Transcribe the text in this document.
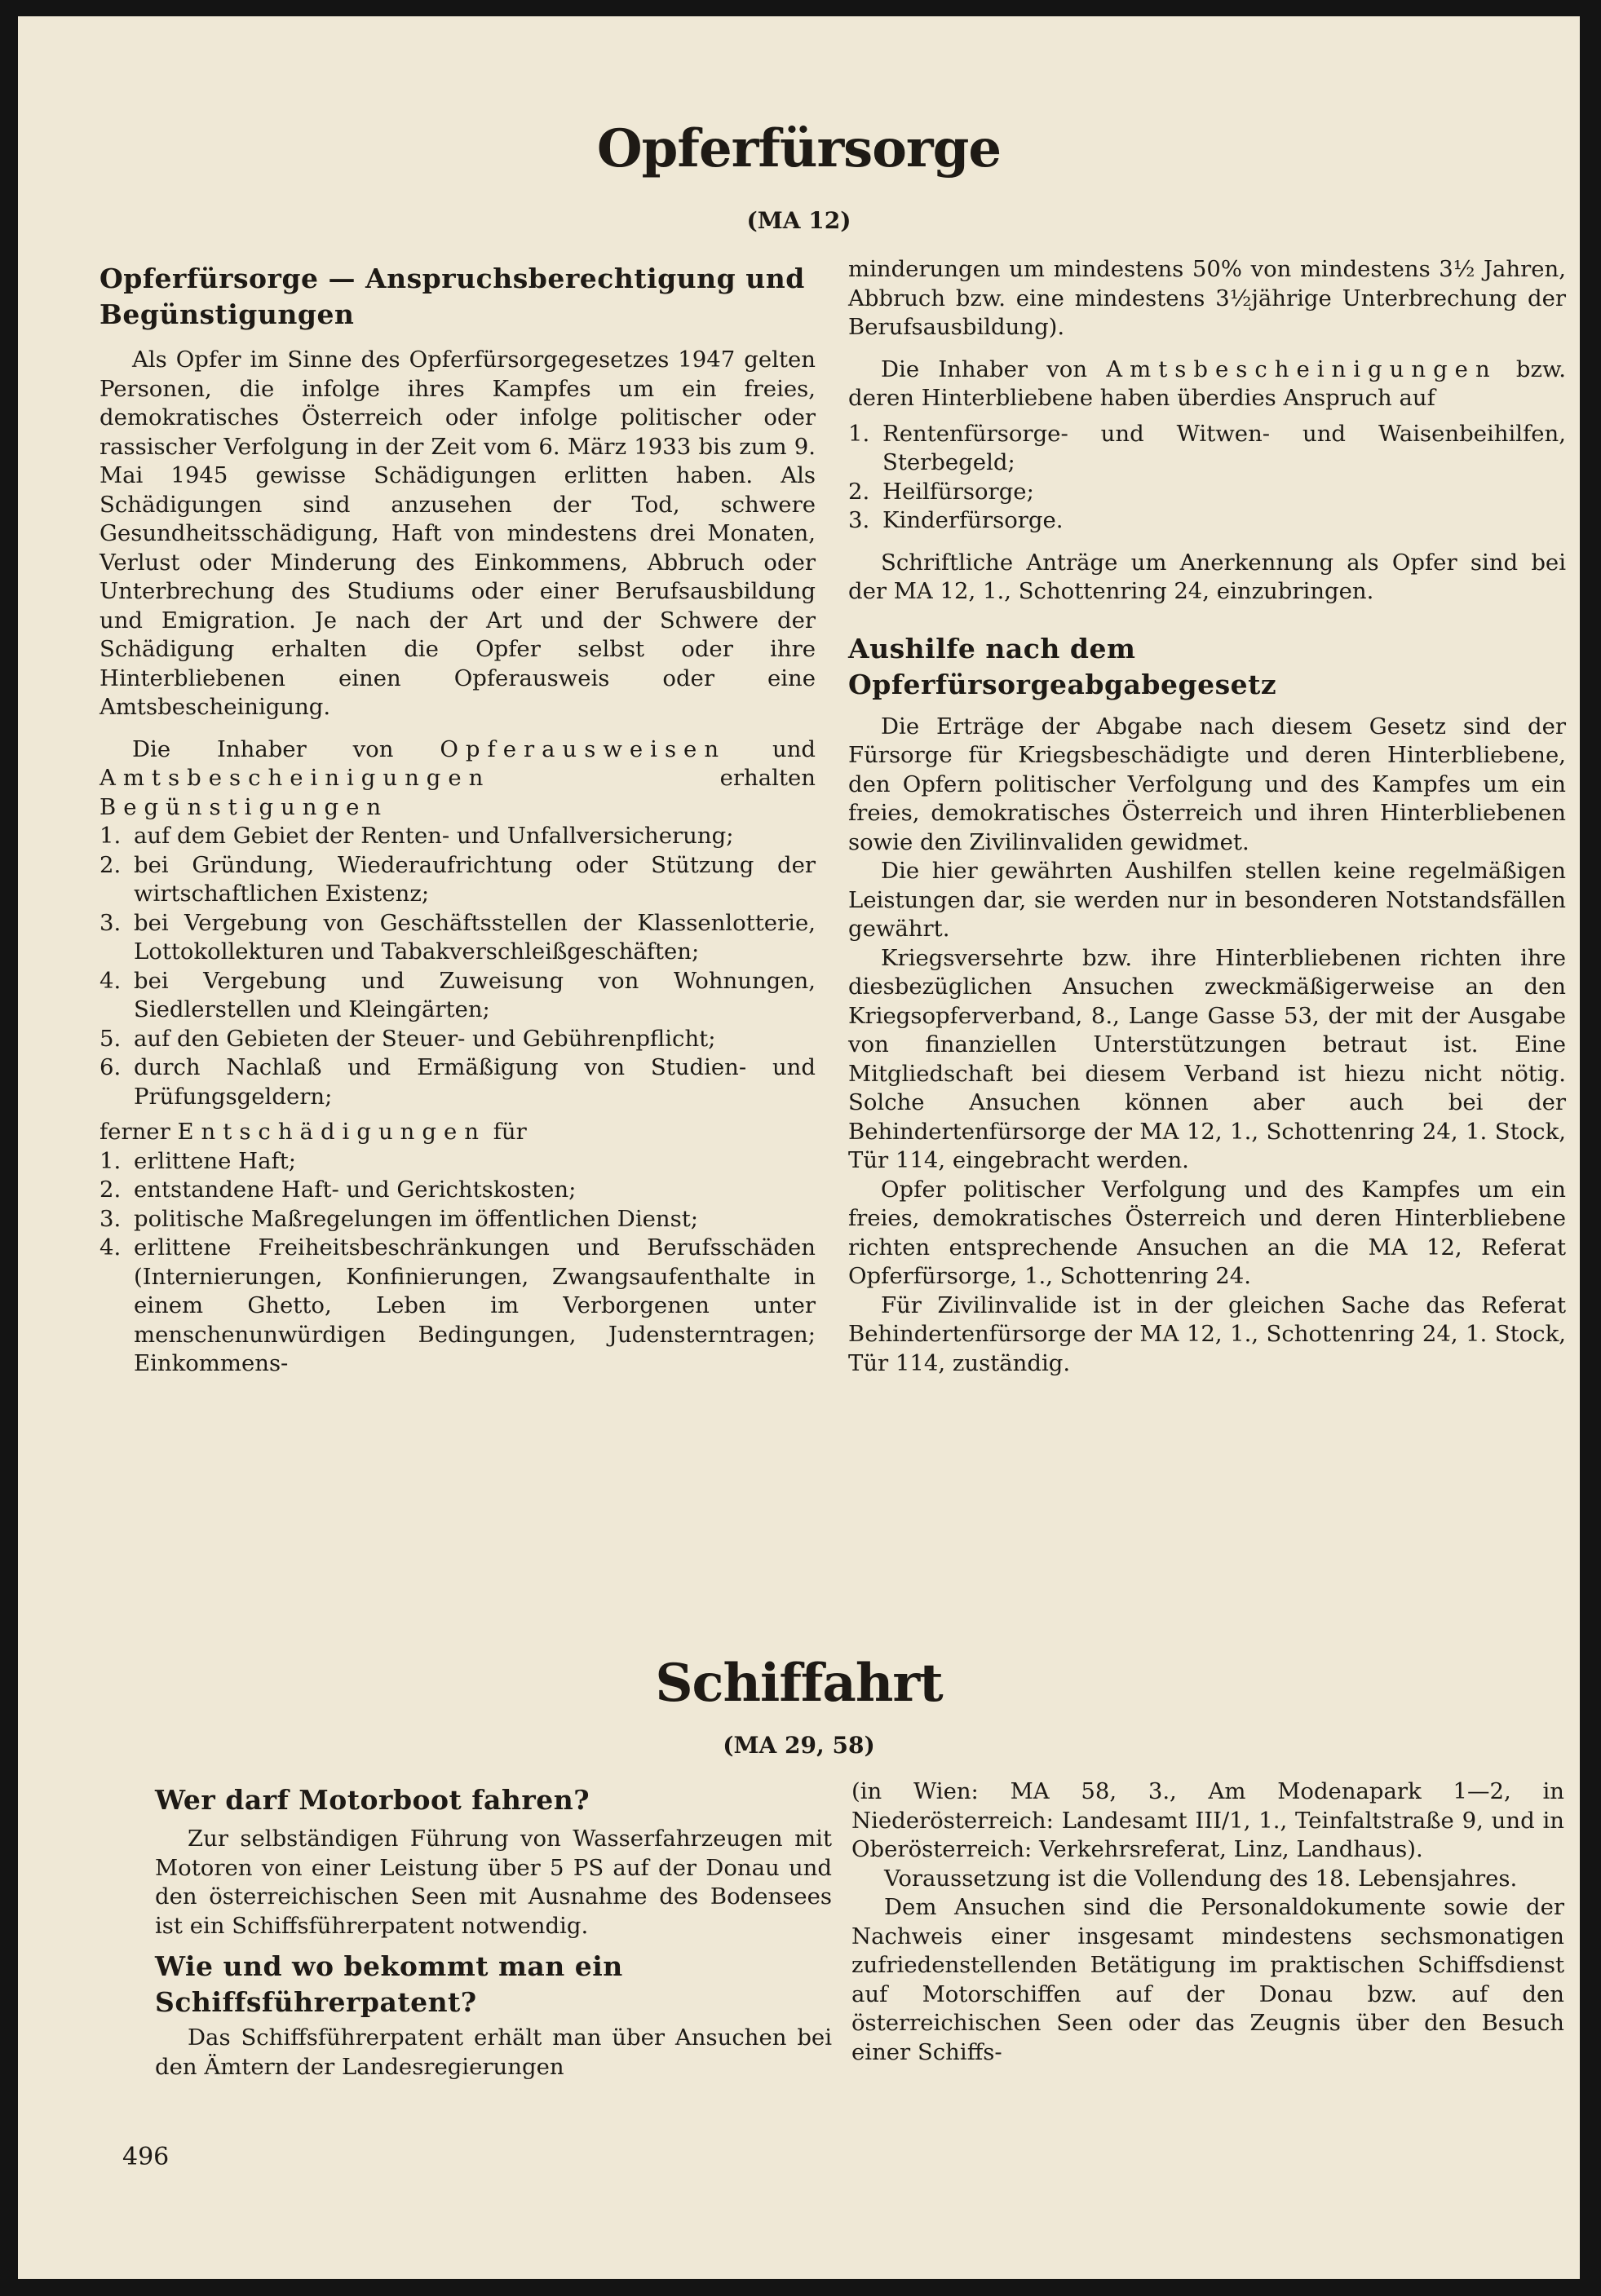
Opferfürsorge
(MA 12)
Opferfürsorge — Anspruchsberechtigung und Begünstigungen

Als Opfer im Sinne des Opferfürsorgegesetzes 1947 gelten Personen, die infolge ihres Kampfes um ein freies, demokratisches Österreich oder infolge politischer oder rassischer Verfolgung in der Zeit vom 6. März 1933 bis zum 9. Mai 1945 gewisse Schädigungen erlitten haben. Als Schädigungen sind anzusehen der Tod, schwere Gesundheitsschädigung, Haft von mindestens drei Monaten, Verlust oder Minderung des Einkommens, Abbruch oder Unterbrechung des Studiums oder einer Berufsausbildung und Emigration. Je nach der Art und der Schwere der Schädigung erhalten die Opfer selbst oder ihre Hinterbliebenen einen Opferausweis oder eine Amtsbescheinigung.

Die Inhaber von Opferausweisen und Amtsbescheinigungen	erhalten Begünstigungen

1. auf dem Gebiet der Renten- und Unfallversicherung;
2. bei Gründung, Wiederaufrichtung oder Stützung der wirtschaftlichen Existenz;
3. bei Vergebung von Geschäftsstellen der Klassenlotterie, Lottokollekturen und Tabakverschleißgeschäften;
4. bei Vergebung und Zuweisung von Wohnungen, Siedlerstellen und Kleingärten;
5. auf den Gebieten der Steuer- und Gebührenpflicht;
6. durch Nachlaß und Ermäßigung von Studien- und Prüfungsgeldern;

ferner Entschädigungen für

1. erlittene Haft;
2. entstandene Haft- und Gerichtskosten;
3. politische Maßregelungen im öffentlichen Dienst;
4. erlittene Freiheitsbeschränkungen und Berufsschäden (Internierungen, Konfinierungen, Zwangsaufenthalte in einem Ghetto, Leben im Verborgenen unter menschenunwürdigen Bedingungen, Judensterntragen; Einkommens-

minderungen um mindestens 50% von mindestens 3½ Jahren, Abbruch bzw. eine mindestens 3½jährige Unterbrechung der Berufsausbildung).

Die Inhaber von Amtsbescheinigungen bzw. deren Hinterbliebene haben überdies Anspruch auf

1. Rentenfürsorge- und Witwen- und Waisenbeihilfen, Sterbegeld;
2. Heilfürsorge;
3. Kinderfürsorge.

Schriftliche Anträge um Anerkennung als Opfer sind bei der MA 12, 1., Schottenring 24, einzubringen.

Aushilfe nach dem Opferfürsorgeabgabegesetz

Die Erträge der Abgabe nach diesem Gesetz sind der Fürsorge für Kriegsbeschädigte und deren Hinterbliebene, den Opfern politischer Verfolgung und des Kampfes um ein freies, demokratisches Österreich und ihren Hinterbliebenen sowie den Zivilinvaliden gewidmet.

Die hier gewährten Aushilfen stellen keine regelmäßigen Leistungen dar, sie werden nur in besonderen Notstandsfällen gewährt.

Kriegsversehrte bzw. ihre Hinterbliebenen richten ihre diesbezüglichen Ansuchen zweckmäßigerweise an den Kriegsopferverband, 8., Lange Gasse 53, der mit der Ausgabe von finanziellen Unterstützungen betraut ist. Eine Mitgliedschaft bei diesem Verband ist hiezu nicht nötig. Solche Ansuchen können aber auch bei der Behindertenfürsorge der MA 12, 1., Schottenring 24, 1. Stock, Tür 114, eingebracht werden.

Opfer politischer Verfolgung und des Kampfes um ein freies, demokratisches Österreich und deren Hinterbliebene richten entsprechende Ansuchen an die MA 12, Referat Opferfürsorge, 1., Schottenring 24.

Für Zivilinvalide ist in der gleichen Sache das Referat Behindertenfürsorge der MA 12, 1., Schottenring 24, 1. Stock, Tür 114, zuständig.

Schiffahrt
(MA 29, 58)
Wer darf Motorboot fahren?

Zur selbständigen Führung von Wasserfahrzeugen mit Motoren von einer Leistung über 5 PS auf der Donau und den österreichischen Seen mit Ausnahme des Bodensees ist ein Schiffsführerpatent notwendig.

Wie und wo bekommt man ein Schiffsführerpatent?

Das Schiffsführerpatent erhält man über Ansuchen bei den Ämtern der Landesregierungen

(in Wien: MA 58, 3., Am Modenapark 1—2, in Niederösterreich: Landesamt III/1, 1., Teinfaltstraße 9, und in Oberösterreich: Verkehrsreferat, Linz, Landhaus).

Voraussetzung ist die Vollendung des 18. Lebensjahres.

Dem Ansuchen sind die Personaldokumente sowie der Nachweis einer insgesamt mindestens sechsmonatigen zufriedenstellenden Betätigung im praktischen Schiffsdienst auf Motorschiffen auf der Donau bzw. auf den österreichischen Seen oder das Zeugnis über den Besuch einer Schiffs-

496
